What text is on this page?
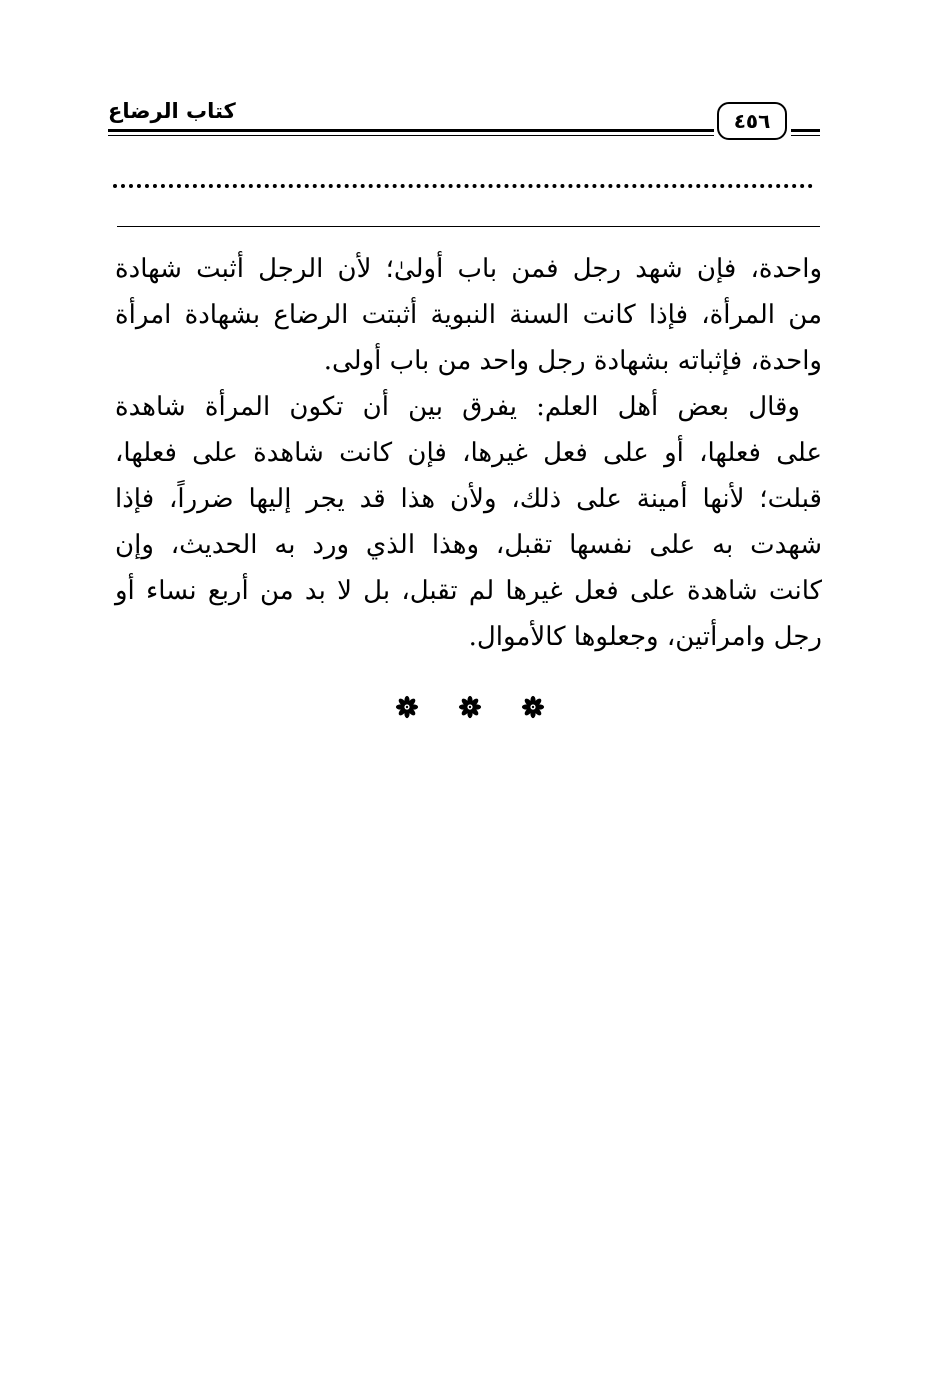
كتاب الرضاع	٤٥٦
واحدة، فإن شهد رجل فمن باب أولىٰ؛ لأن الرجل أثبت شهادة
من المرأة، فإذا كانت السنة النبوية أثبتت الرضاع بشهادة امرأة
واحدة، فإثباته بشهادة رجل واحد من باب أولى.
وقال بعض أهل العلم: يفرق بين أن تكون المرأة شاهدة
على فعلها، أو على فعل غيرها، فإن كانت شاهدة على فعلها،
قبلت؛ لأنها أمينة على ذلك، ولأن هذا قد يجر إليها ضرراً، فإذا
شهدت به على نفسها تقبل، وهذا الذي ورد به الحديث، وإن
كانت شاهدة على فعل غيرها لم تقبل، بل لا بد من أربع نساء أو
رجل وامرأتين، وجعلوها كالأموال.
